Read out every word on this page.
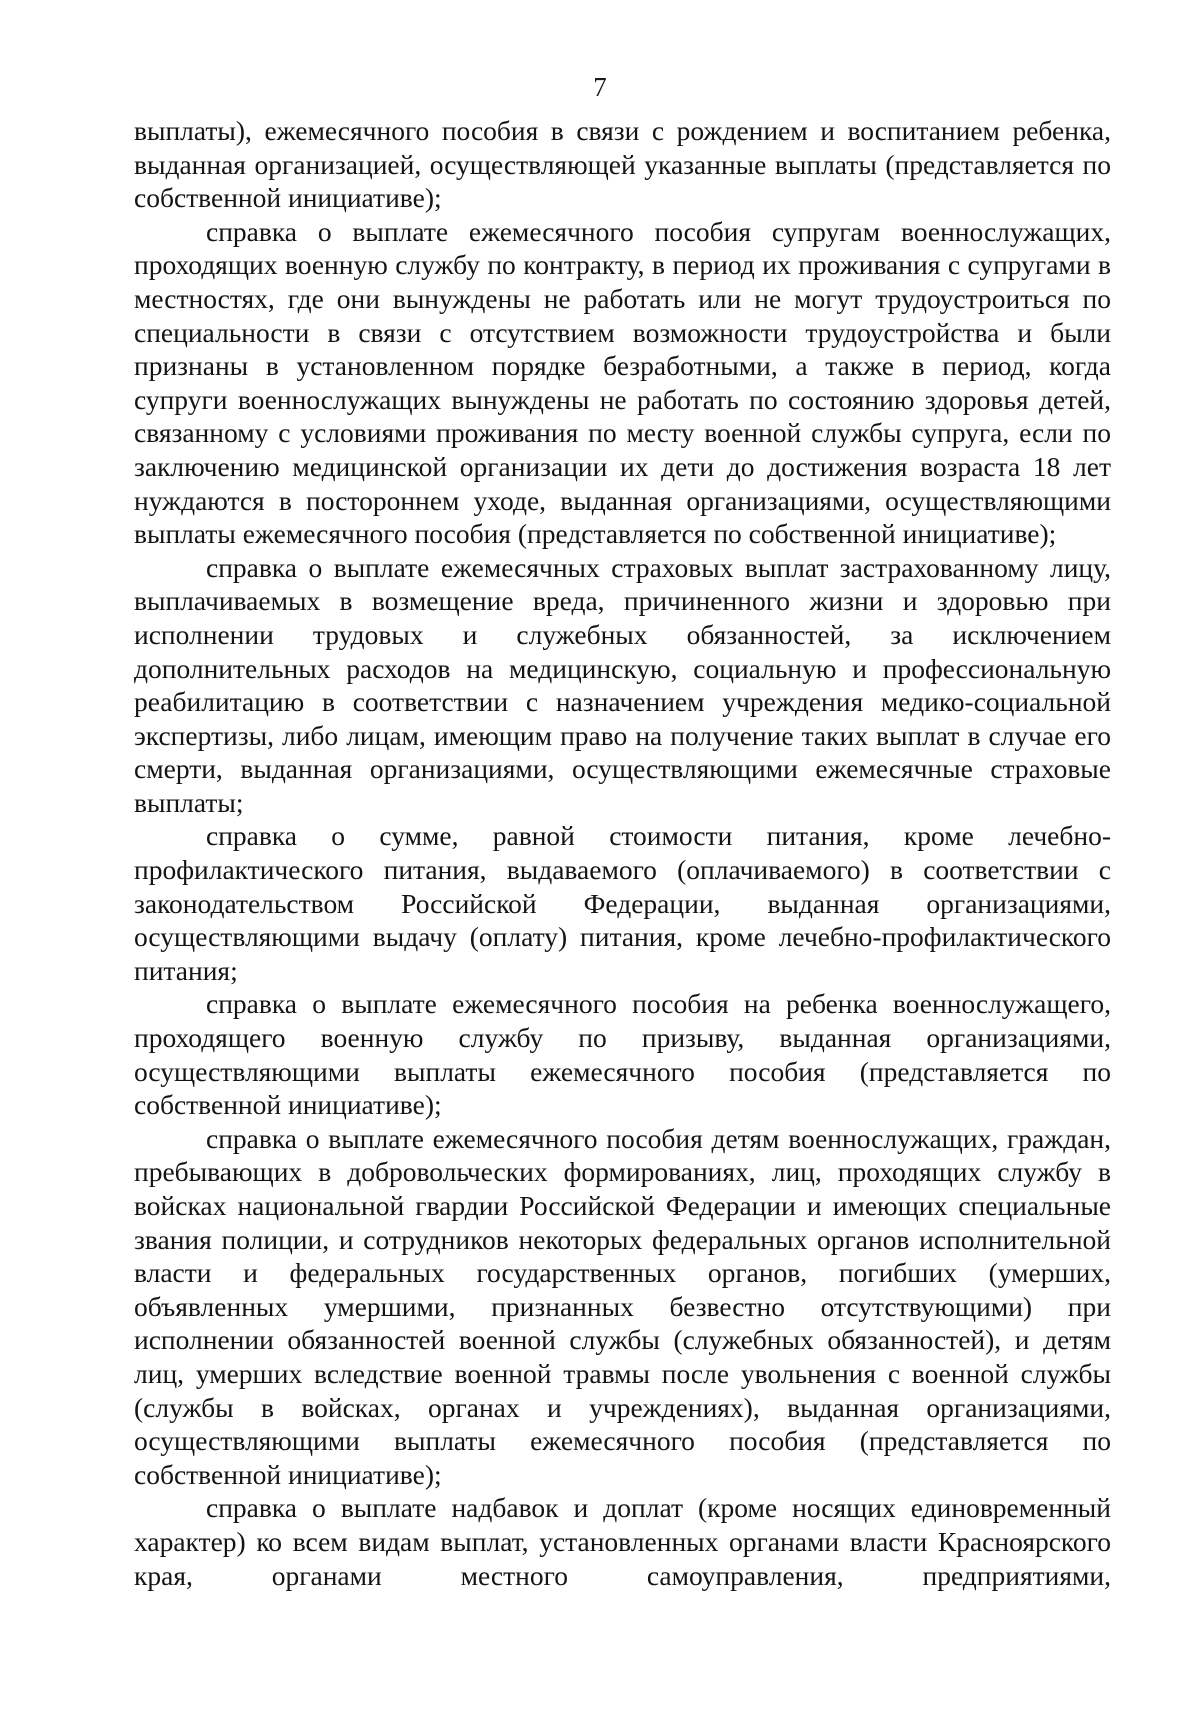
7

выплаты), ежемесячного пособия в связи с рождением и воспитанием ребенка, выданная организацией, осуществляющей указанные выплаты (представляется по собственной инициативе);

справка о выплате ежемесячного пособия супругам военнослужащих, проходящих военную службу по контракту, в период их проживания с супругами в местностях, где они вынуждены не работать или не могут трудоустроиться по специальности в связи с отсутствием возможности трудоустройства и были признаны в установленном порядке безработными, а также в период, когда супруги военнослужащих вынуждены не работать по состоянию здоровья детей, связанному с условиями проживания по месту военной службы супруга, если по заключению медицинской организации их дети до достижения возраста 18 лет нуждаются в постороннем уходе, выданная организациями, осуществляющими выплаты ежемесячного пособия (представляется по собственной инициативе);

справка о выплате ежемесячных страховых выплат застрахованному лицу, выплачиваемых в возмещение вреда, причиненного жизни и здоровью при исполнении трудовых и служебных обязанностей, за исключением дополнительных расходов на медицинскую, социальную и профессиональную реабилитацию в соответствии с назначением учреждения медико-социальной экспертизы, либо лицам, имеющим право на получение таких выплат в случае его смерти, выданная организациями, осуществляющими ежемесячные страховые выплаты;

справка о сумме, равной стоимости питания, кроме лечебно-профилактического питания, выдаваемого (оплачиваемого) в соответствии с законодательством Российской Федерации, выданная организациями, осуществляющими выдачу (оплату) питания, кроме лечебно-профилактического питания;

справка о выплате ежемесячного пособия на ребенка военнослужащего, проходящего военную службу по призыву, выданная организациями, осуществляющими выплаты ежемесячного пособия (представляется по собственной инициативе);

справка о выплате ежемесячного пособия детям военнослужащих, граждан, пребывающих в добровольческих формированиях, лиц, проходящих службу в войсках национальной гвардии Российской Федерации и имеющих специальные звания полиции, и сотрудников некоторых федеральных органов исполнительной власти и федеральных государственных органов, погибших (умерших, объявленных умершими, признанных безвестно отсутствующими) при исполнении обязанностей военной службы (служебных обязанностей), и детям лиц, умерших вследствие военной травмы после увольнения с военной службы (службы в войсках, органах и учреждениях), выданная организациями, осуществляющими выплаты ежемесячного пособия (представляется по собственной инициативе);

справка о выплате надбавок и доплат (кроме носящих единовременный характер) ко всем видам выплат, установленных органами власти Красноярского края, органами местного самоуправления, предприятиями,
